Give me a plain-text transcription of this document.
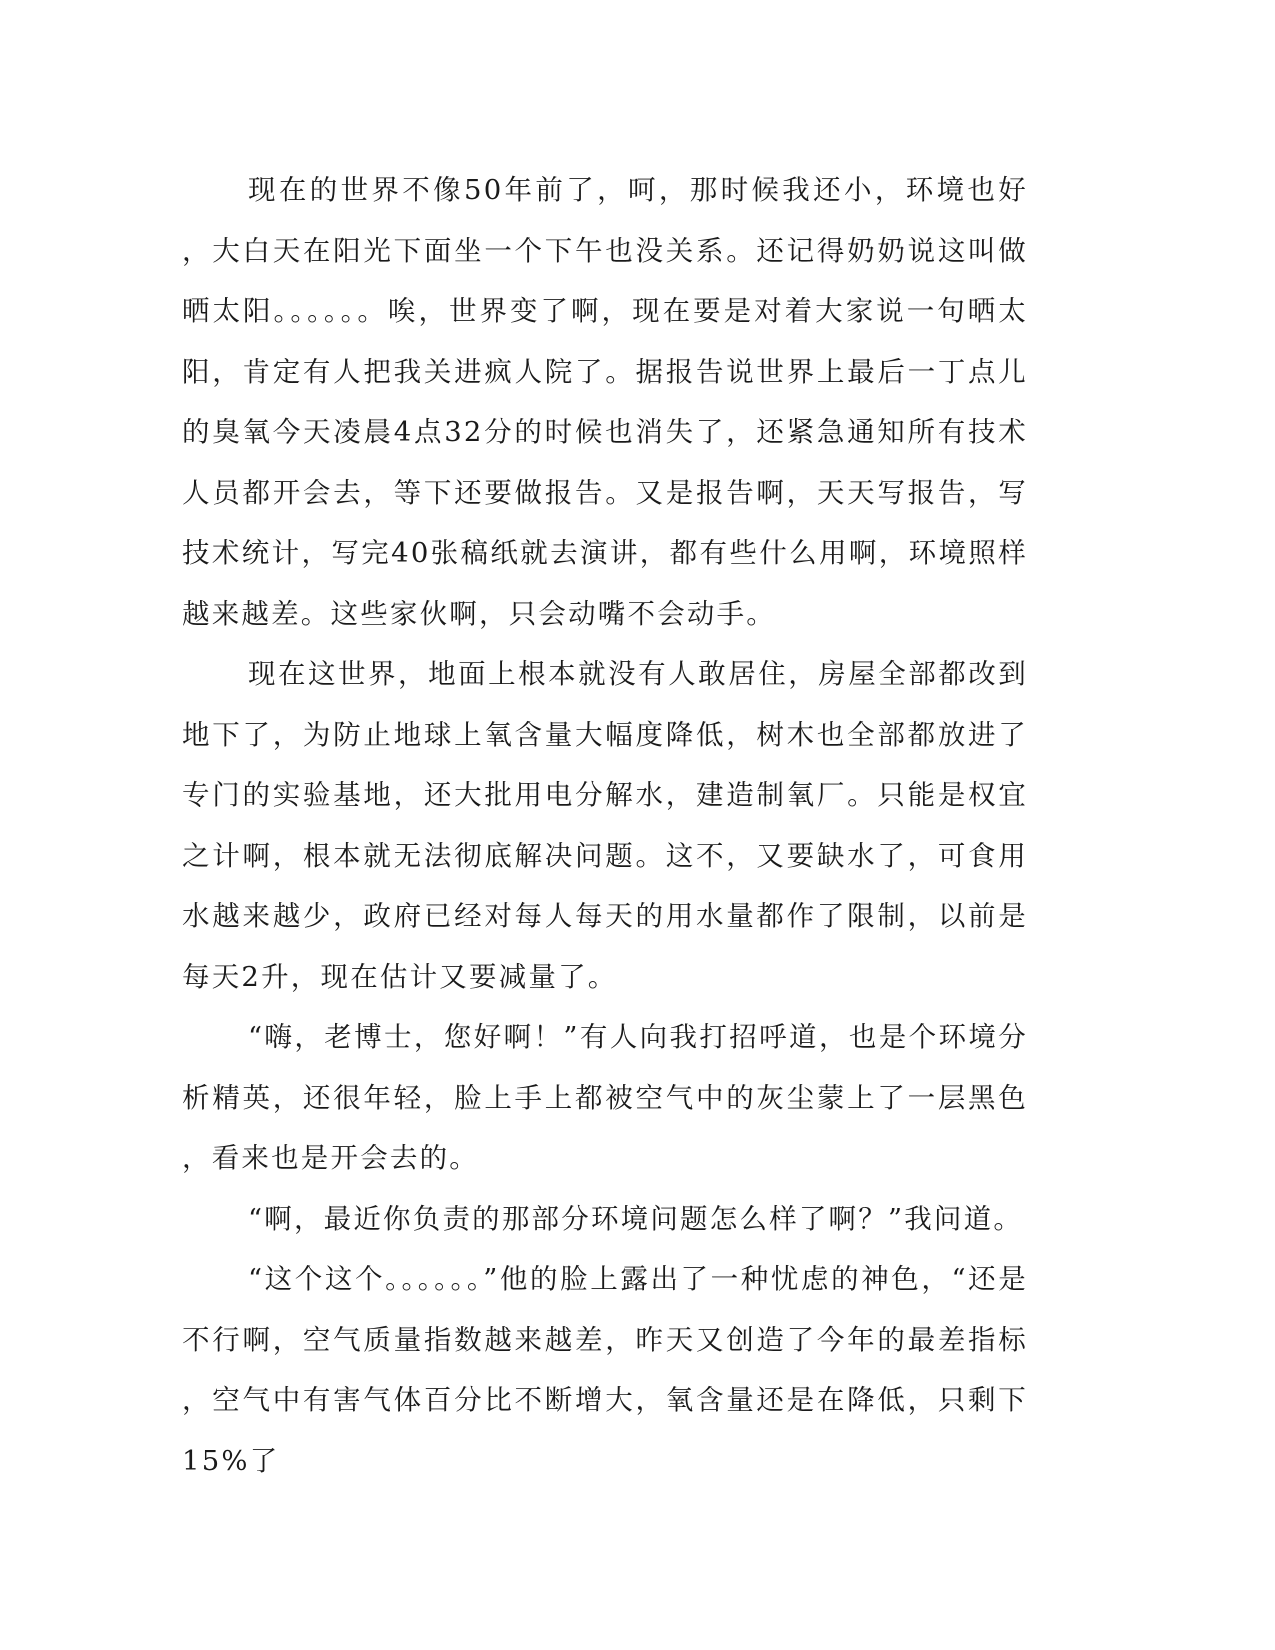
现在的世界不像50年前了，呵，那时候我还小，环境也好，大白天在阳光下面坐一个下午也没关系。还记得奶奶说这叫做晒太阳。。。。。。唉，世界变了啊，现在要是对着大家说一句晒太阳，肯定有人把我关进疯人院了。据报告说世界上最后一丁点儿的臭氧今天凌晨4点32分的时候也消失了，还紧急通知所有技术人员都开会去，等下还要做报告。又是报告啊，天天写报告，写技术统计，写完40张稿纸就去演讲，都有些什么用啊，环境照样越来越差。这些家伙啊，只会动嘴不会动手。

现在这世界，地面上根本就没有人敢居住，房屋全部都改到地下了，为防止地球上氧含量大幅度降低，树木也全部都放进了专门的实验基地，还大批用电分解水，建造制氧厂。只能是权宜之计啊，根本就无法彻底解决问题。这不，又要缺水了，可食用水越来越少，政府已经对每人每天的用水量都作了限制，以前是每天2升，现在估计又要减量了。

“嗨，老博士，您好啊！”有人向我打招呼道，也是个环境分析精英，还很年轻，脸上手上都被空气中的灰尘蒙上了一层黑色，看来也是开会去的。

“啊，最近你负责的那部分环境问题怎么样了啊？”我问道。

“这个这个。。。。。。”他的脸上露出了一种忧虑的神色，“还是不行啊，空气质量指数越来越差，昨天又创造了今年的最差指标，空气中有害气体百分比不断增大，氧含量还是在降低，只剩下15%了
